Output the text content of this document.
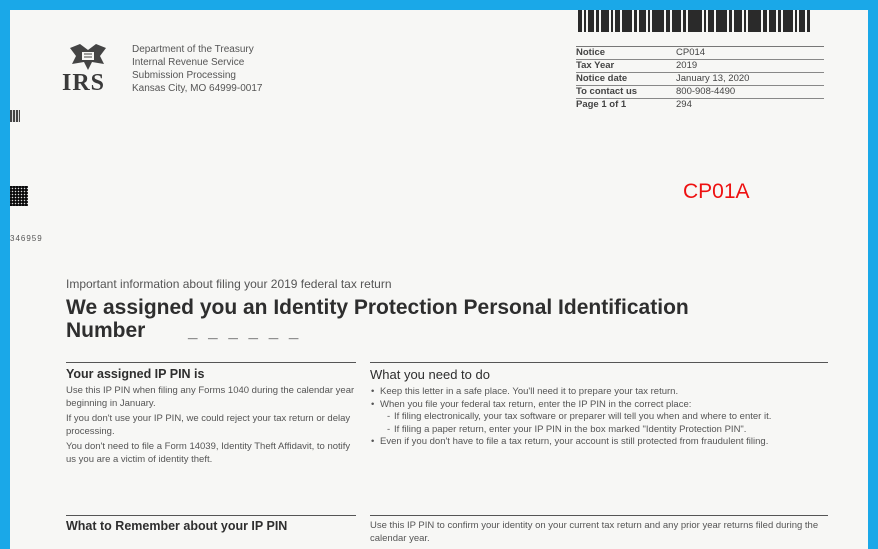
IRS
Department of the Treasury
Internal Revenue Service
Submission Processing
Kansas City, MO 64999-0017
Notice	CP014
Tax Year	2019
Notice date	January 13, 2020
To contact us	800-908-4490
Page 1 of 1	294
346959
CP01A
Important information about filing your 2019 federal tax return
We assigned you an Identity Protection Personal Identification Number	_ _ _ _ _ _
Your assigned IP PIN is

Use this IP PIN when filing any Forms 1040 during the calendar year beginning in January.

If you don't use your IP PIN, we could reject your tax return or delay processing.

You don't need to file a Form 14039, Identity Theft Affidavit, to notify us you are a victim of identity theft.

What you need to do
• Keep this letter in a safe place. You'll need it to prepare your tax return.
• When you file your federal tax return, enter the IP PIN in the correct place:
- If filing electronically, your tax software or preparer will tell you when and where to enter it.
- If filing a paper return, enter your IP PIN in the box marked "Identity Protection PIN".
• Even if you don't have to file a tax return, your account is still protected from fraudulent filing.
What to Remember about your IP PIN	Use this IP PIN to confirm your identity on your current tax return and any prior year returns filed during the calendar year.
